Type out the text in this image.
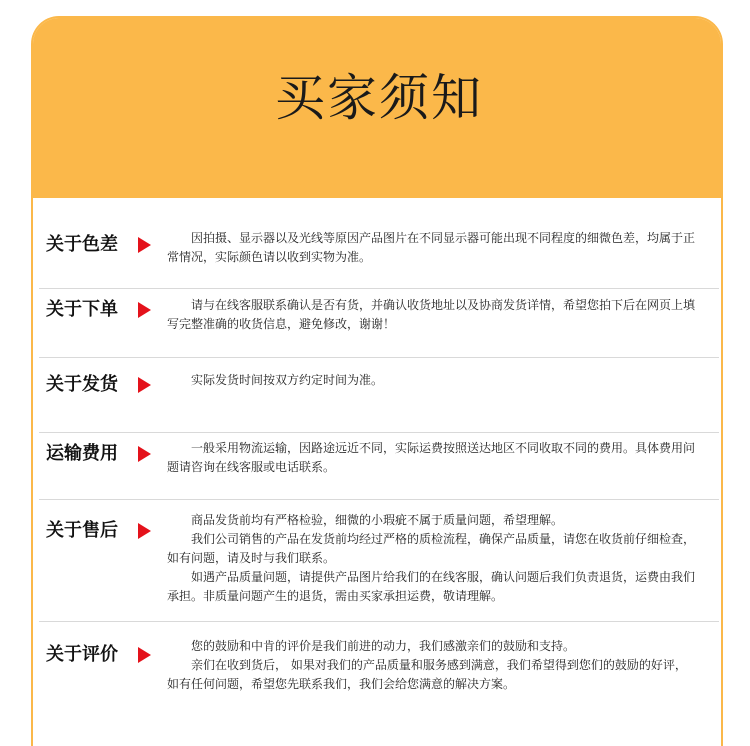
买家须知
关于色差	因拍摄、显示器以及光线等原因产品图片在不同显示器可能出现不同程度的细微色差，均属于正常情况，实际颜色请以收到实物为准。

关于下单	请与在线客服联系确认是否有货，并确认收货地址以及协商发货详情，希望您拍下后在网页上填写完整准确的收货信息，避免修改，谢谢！

关于发货	实际发货时间按双方约定时间为准。

运输费用	一般采用物流运输，因路途远近不同，实际运费按照送达地区不同收取不同的费用。具体费用问题请咨询在线客服或电话联系。

关于售后	商品发货前均有严格检验，细微的小瑕疵不属于质量问题，希望理解。

我们公司销售的产品在发货前均经过严格的质检流程，确保产品质量，请您在收货前仔细检查，如有问题，请及时与我们联系。

如遇产品质量问题，请提供产品图片给我们的在线客服，确认问题后我们负责退货，运费由我们承担。非质量问题产生的退货，需由买家承担运费，敬请理解。

关于评价	您的鼓励和中肯的评价是我们前进的动力，我们感激亲们的鼓励和支持。

亲们在收到货后， 如果对我们的产品质量和服务感到满意，我们希望得到您们的鼓励的好评，如有任何问题，希望您先联系我们，我们会给您满意的解决方案。
